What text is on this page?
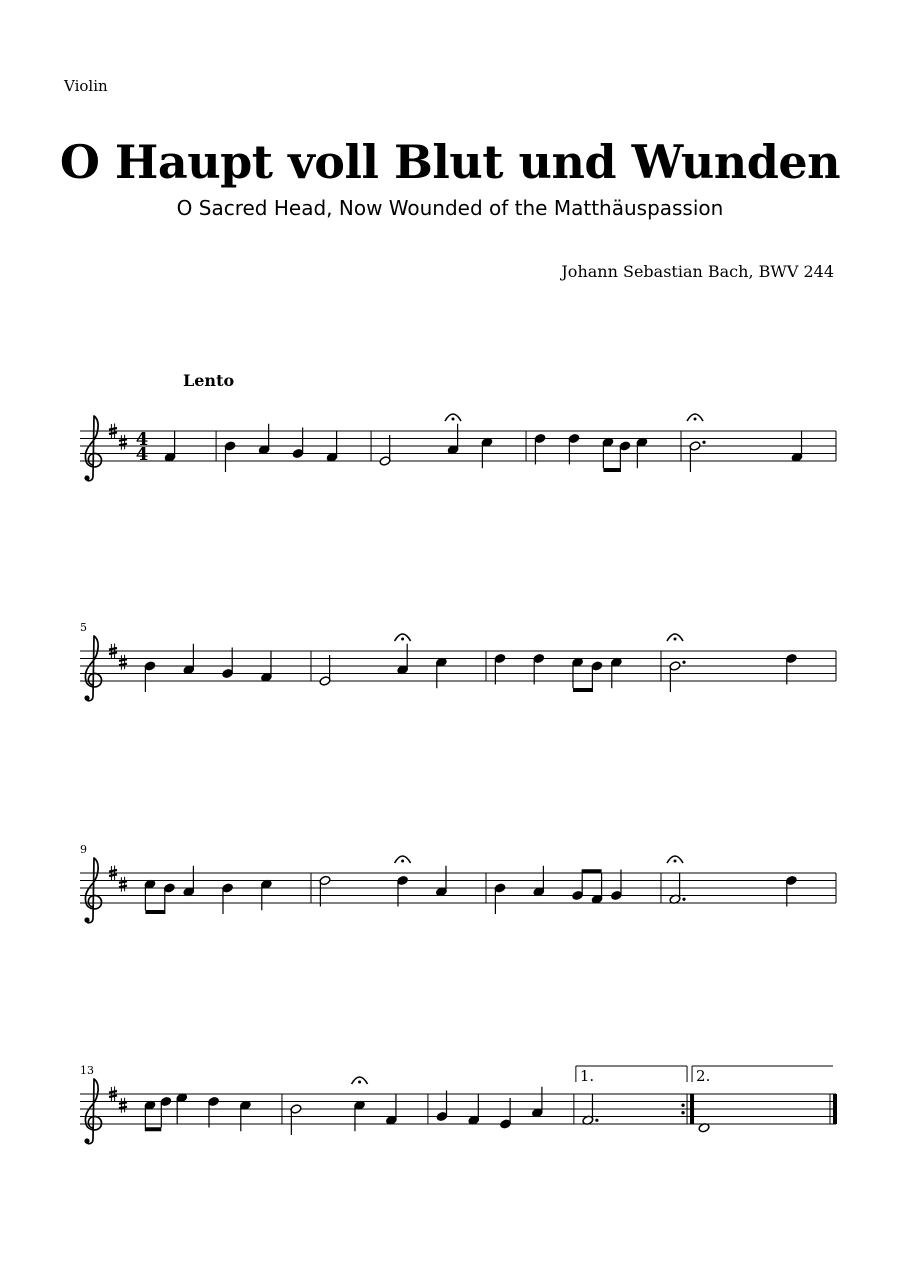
Violin
O Haupt voll Blut und Wunden
O Sacred Head, Now Wounded of the Matthäuspassion
Johann Sebastian Bach, BWV 244
Lento
4
4
5
9
13	1.	2.
